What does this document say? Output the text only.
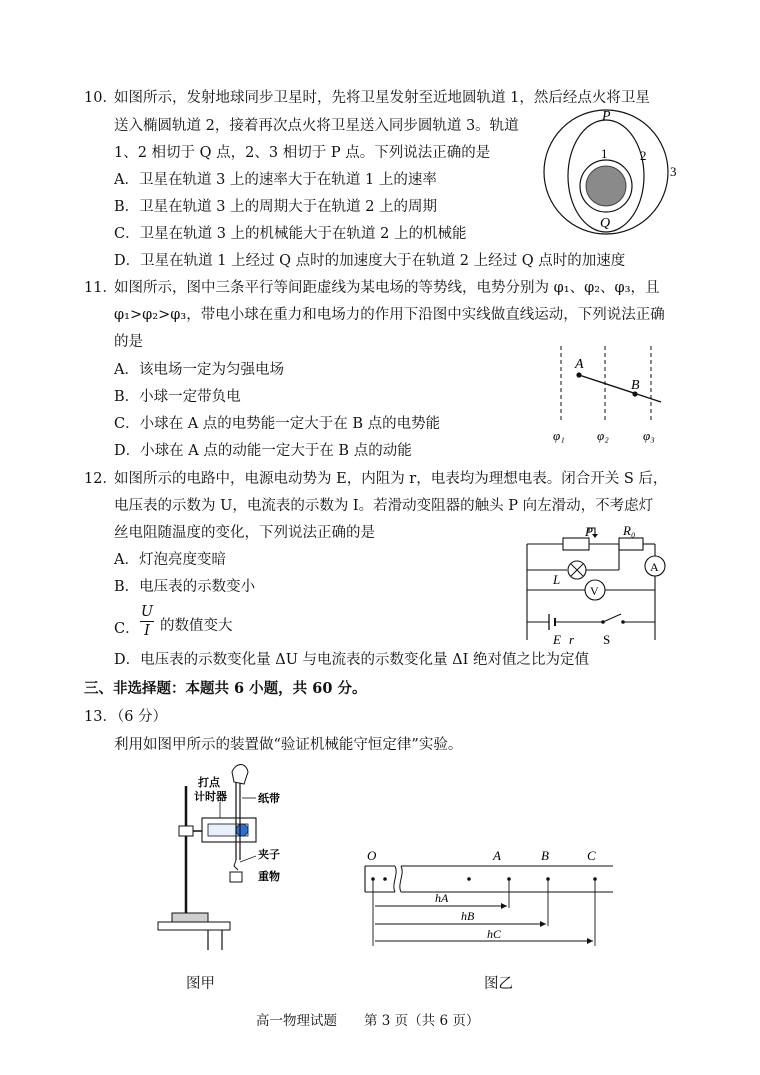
10．
如图所示，发射地球同步卫星时，先将卫星发射至近地圆轨道 1，然后经点火将卫星
送入椭圆轨道 2，接着再次点火将卫星送入同步圆轨道 3。轨道
1、2 相切于 Q 点，2、3 相切于 P 点。下列说法正确的是
A．卫星在轨道 3 上的速率大于在轨道 1 上的速率
B．卫星在轨道 3 上的周期大于在轨道 2 上的周期
C．卫星在轨道 3 上的机械能大于在轨道 2 上的机械能
D．卫星在轨道 1 上经过 Q 点时的加速度大于在轨道 2 上经过 Q 点时的加速度
P
Q
1	2
3
11．
如图所示，图中三条平行等间距虚线为某电场的等势线，电势分别为 φ₁、φ₂、φ₃，且
φ₁>φ₂>φ₃，带电小球在重力和电场力的作用下沿图中实线做直线运动，下列说法正确
的是
A．该电场一定为匀强电场
B．小球一定带负电
C．小球在 A 点的电势能一定大于在 B 点的电势能
D．小球在 A 点的动能一定大于在 B 点的动能
A
B
φ₁ φ₂	φ₃
12．
如图所示的电路中，电源电动势为 E，内阻为 r，电表均为理想电表。闭合开关 S 后，
电压表的示数为 U，电流表的示数为 I。若滑动变阻器的触头 P 向左滑动，不考虑灯
丝电阻随温度的变化，下列说法正确的是
A．灯泡亮度变暗
B．电压表的示数变小
C． $\frac{U}{I}$ 的数值变大
D．电压表的示数变化量 ΔU 与电流表的示数变化量 ΔI 绝对值之比为定值
P R₀
L
A
V
E r S
三、非选择题：本题共 6 小题，共 60 分。
13．（6 分）
利用如图甲所示的装置做“验证机械能守恒定律”实验。
打点
计时器	纸带
夹子
重物
图甲
O	A	B	C
hA
hB
hC
图乙
高一物理试题　　第 3 页（共 6 页）
